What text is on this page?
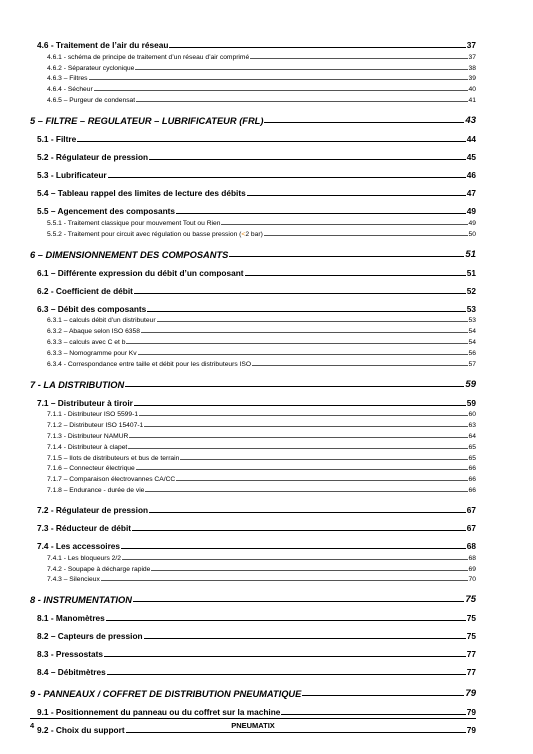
4.6 - Traitement de l’air du réseau	37
4.6.1 - schéma de principe de traitement d’un réseau d’air comprimé	37
4.6.2 - Séparateur cyclonique	38
4.6.3 – Filtres	39
4.6.4 - Sécheur	40
4.6.5 – Purgeur de condensat	41
5 – FILTRE – REGULATEUR – LUBRIFICATEUR (FRL)	43
5.1 - Filtre	44
5.2 - Régulateur de pression	45
5.3 - Lubrificateur	46
5.4 – Tableau rappel des limites de lecture des débits	47
5.5 – Agencement des composants	49
5.5.1 - Traitement classique pour mouvement Tout ou Rien	49
5.5.2 - Traitement pour circuit avec régulation ou basse pression ( < 2 bar)	50
6 – DIMENSIONNEMENT DES COMPOSANTS	51
6.1 – Différente expression du débit d’un composant	51
6.2 - Coefficient de débit	52
6.3 – Débit des composants	53
6.3.1 – calculs débit d’un distributeur	53
6.3.2 – Abaque selon ISO 6358	54
6.3.3 – calculs avec C et b	54
6.3.3 – Nomogramme pour Kv	56
6.3.4 - Correspondance entre taille et débit pour les distributeurs ISO	57
7 - LA DISTRIBUTION	59
7.1 – Distributeur à tiroir	59
7.1.1 - Distributeur ISO 5599-1	60
7.1.2 – Distributeur ISO 15407-1	63
7.1.3 - Distributeur NAMUR	64
7.1.4 - Distributeur à clapet	65
7.1.5 – Ilots de distributeurs et bus de terrain	65
7.1.6 – Connecteur électrique	66
7.1.7 – Comparaison électrovannes CA/CC	66
7.1.8 – Endurance - durée de vie	66
7.2 - Régulateur de pression	67
7.3 - Réducteur de débit	67
7.4 - Les accessoires	68
7.4.1 - Les bloqueurs 2/2	68
7.4.2 - Soupape à décharge rapide	69
7.4.3 – Silencieux	70
8 - INSTRUMENTATION	75
8.1 - Manomètres	75
8.2 – Capteurs de pression	75
8.3 - Pressostats	77
8.4 – Débitmètres	77
9 - PANNEAUX / COFFRET DE DISTRIBUTION PNEUMATIQUE	79
9.1 - Positionnement du panneau ou du coffret sur la machine	79
9.2 - Choix du support	79
4	PNEUMATIX
